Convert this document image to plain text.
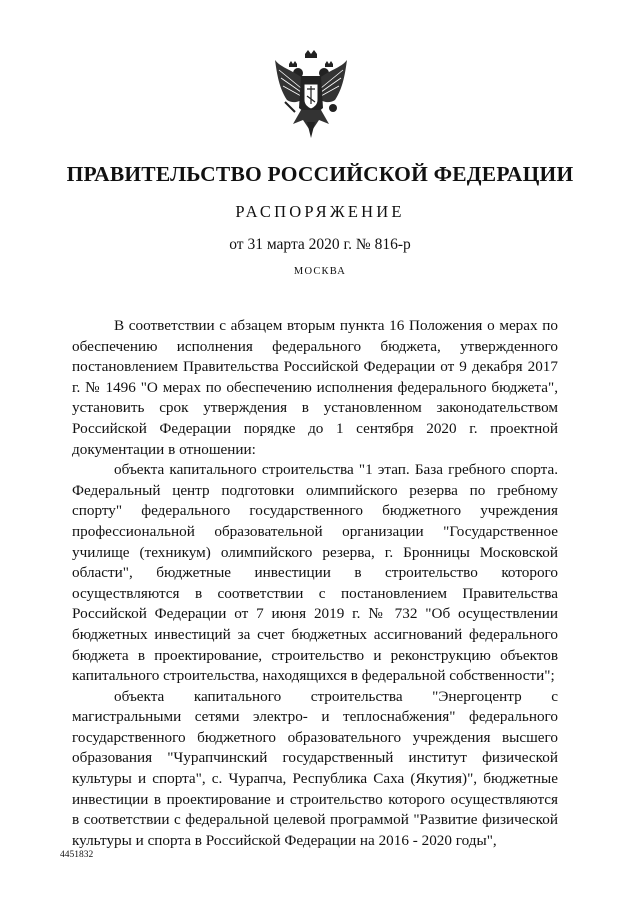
ПРАВИТЕЛЬСТВО РОССИЙСКОЙ ФЕДЕРАЦИИ
РАСПОРЯЖЕНИЕ
от 31 марта 2020 г. № 816-р
МОСКВА

В соответствии с абзацем вторым пункта 16 Положения о мерах по обеспечению исполнения федерального бюджета, утвержденного постановлением Правительства Российской Федерации от 9 декабря 2017 г. № 1496 "О мерах по обеспечению исполнения федерального бюджета", установить срок утверждения в установленном законодательством Российской Федерации порядке до 1 сентября 2020 г. проектной документации в отношении:

объекта капитального строительства "1 этап. База гребного спорта. Федеральный центр подготовки олимпийского резерва по гребному спорту" федерального государственного бюджетного учреждения профессиональной образовательной организации "Государственное училище (техникум) олимпийского резерва, г. Бронницы Московской области", бюджетные инвестиции в строительство которого осуществляются в соответствии с постановлением Правительства Российской Федерации от 7 июня 2019 г. № 732 "Об осуществлении бюджетных инвестиций за счет бюджетных ассигнований федерального бюджета в проектирование, строительство и реконструкцию объектов капитального строительства, находящихся в федеральной собственности";

объекта капитального строительства "Энергоцентр с магистральными сетями электро- и теплоснабжения" федерального государственного бюджетного образовательного учреждения высшего образования "Чурапчинский государственный институт физической культуры и спорта", с. Чурапча, Республика Саха (Якутия)", бюджетные инвестиции в проектирование и строительство которого осуществляются в соответствии с федеральной целевой программой "Развитие физической культуры и спорта в Российской Федерации на 2016 - 2020 годы",

4451832
